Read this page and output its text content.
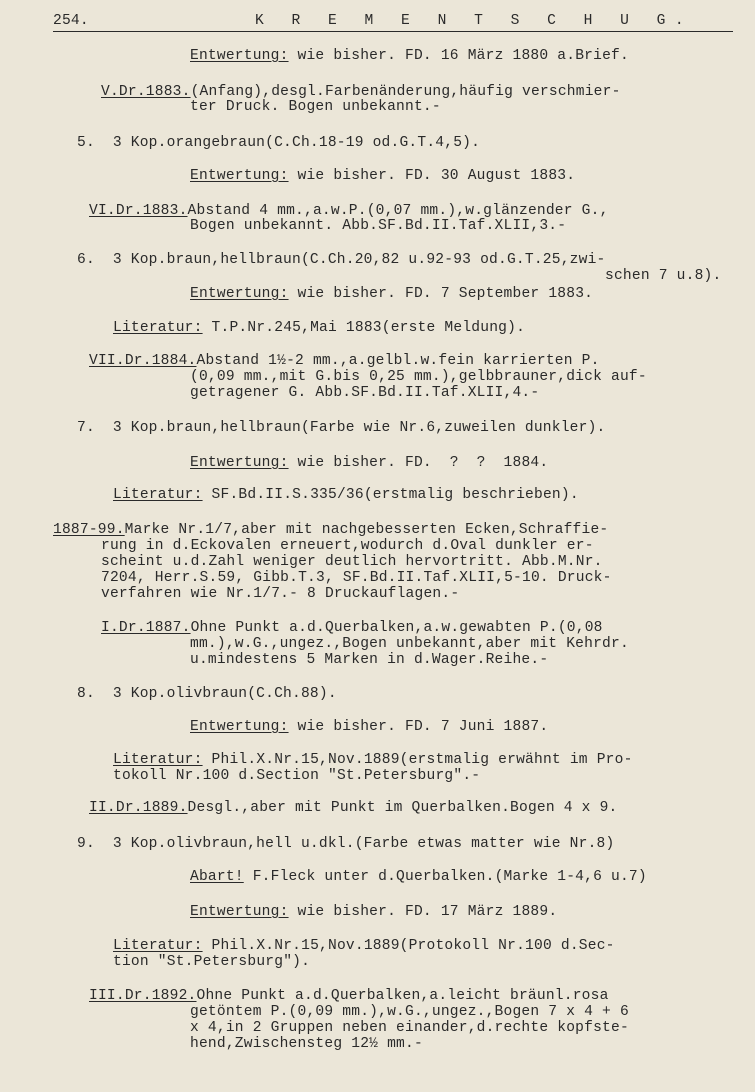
254.	K R E M E N T S C H U G.
Entwertung: wie bisher. FD. 16 März 1880 a.Brief.
V.Dr.1883.(Anfang),desgl.Farbenänderung,häufig verschmier-
ter Druck. Bogen unbekannt.-
5.  3 Kop.orangebraun(C.Ch.18-19 od.G.T.4,5).
Entwertung: wie bisher. FD. 30 August 1883.
VI.Dr.1883.Abstand 4 mm.,a.w.P.(0,07 mm.),w.glänzender G.,
Bogen unbekannt. Abb.SF.Bd.II.Taf.XLII,3.-
6.  3 Kop.braun,hellbraun(C.Ch.20,82 u.92-93 od.G.T.25,zwi-
schen 7 u.8).
Entwertung: wie bisher. FD. 7 September 1883.
Literatur: T.P.Nr.245,Mai 1883(erste Meldung).
VII.Dr.1884.Abstand 1½-2 mm.,a.gelbl.w.fein karrierten P.
(0,09 mm.,mit G.bis 0,25 mm.),gelbbrauner,dick auf-
getragener G. Abb.SF.Bd.II.Taf.XLII,4.-
7.  3 Kop.braun,hellbraun(Farbe wie Nr.6,zuweilen dunkler).
Entwertung: wie bisher. FD.  ?  ?  1884.
Literatur: SF.Bd.II.S.335/36(erstmalig beschrieben).
1887-99.Marke Nr.1/7,aber mit nachgebesserten Ecken,Schraffie-
rung in d.Eckovalen erneuert,wodurch d.Oval dunkler er-
scheint u.d.Zahl weniger deutlich hervortritt. Abb.M.Nr.
7204, Herr.S.59, Gibb.T.3, SF.Bd.II.Taf.XLII,5-10. Druck-
verfahren wie Nr.1/7.- 8 Druckauflagen.-
I.Dr.1887.Ohne Punkt a.d.Querbalken,a.w.gewabten P.(0,08
mm.),w.G.,ungez.,Bogen unbekannt,aber mit Kehrdr.
u.mindestens 5 Marken in d.Wager.Reihe.-
8.  3 Kop.olivbraun(C.Ch.88).
Entwertung: wie bisher. FD. 7 Juni 1887.
Literatur: Phil.X.Nr.15,Nov.1889(erstmalig erwähnt im Pro-
tokoll Nr.100 d.Section "St.Petersburg".-
II.Dr.1889.Desgl.,aber mit Punkt im Querbalken.Bogen 4 x 9.
9.  3 Kop.olivbraun,hell u.dkl.(Farbe etwas matter wie Nr.8)
Abart! F.Fleck unter d.Querbalken.(Marke 1-4,6 u.7)
Entwertung: wie bisher. FD. 17 März 1889.
Literatur: Phil.X.Nr.15,Nov.1889(Protokoll Nr.100 d.Sec-
tion "St.Petersburg").
III.Dr.1892.Ohne Punkt a.d.Querbalken,a.leicht bräunl.rosa
getöntem P.(0,09 mm.),w.G.,ungez.,Bogen 7 x 4 + 6
x 4,in 2 Gruppen neben einander,d.rechte kopfste-
hend,Zwischensteg 12½ mm.-
